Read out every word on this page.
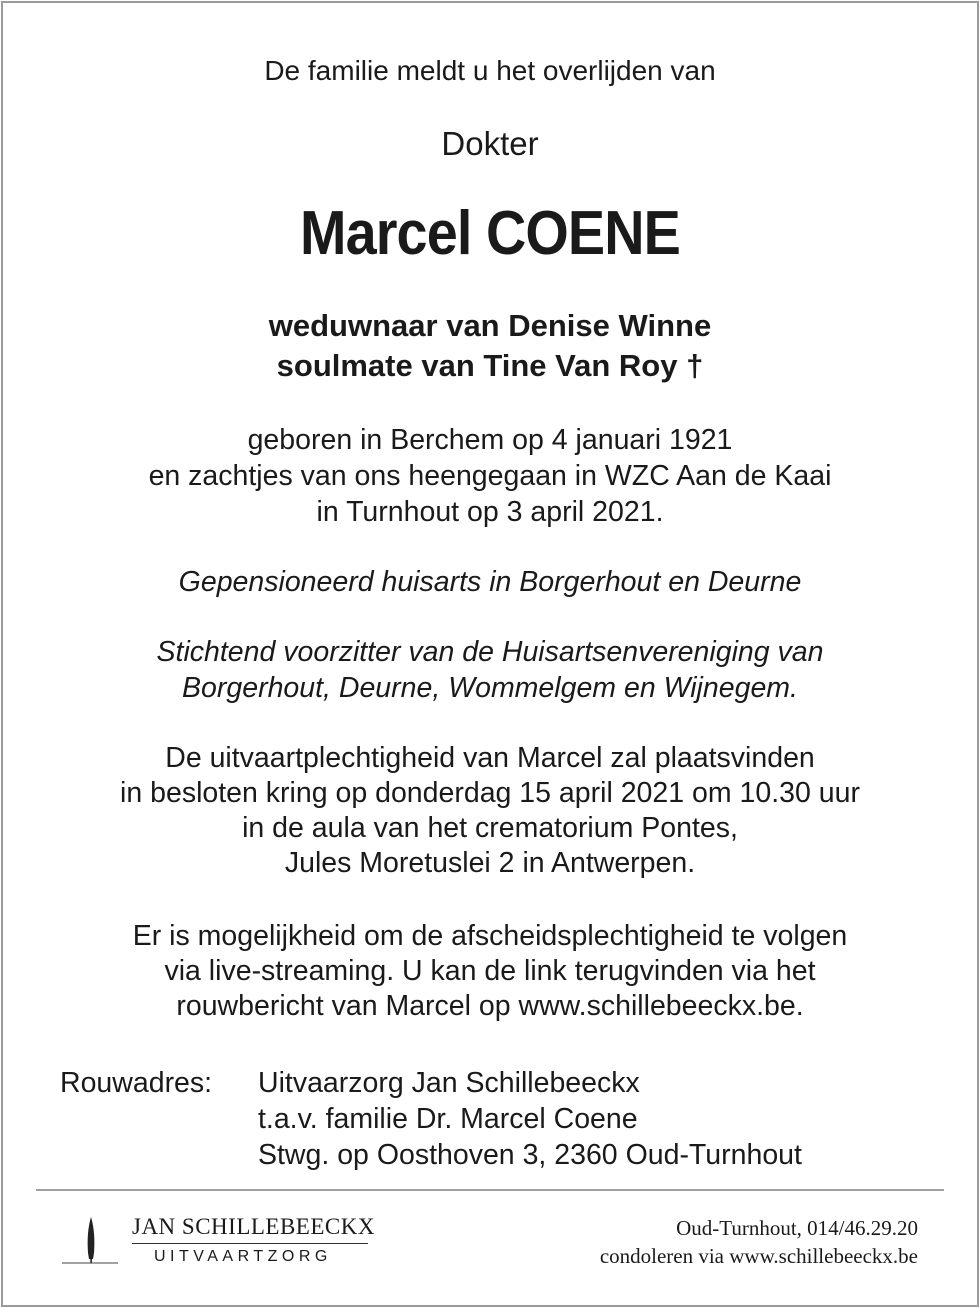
De familie meldt u het overlijden van
Dokter
Marcel COENE
weduwnaar van Denise Winne
soulmate van Tine Van Roy †
geboren in Berchem op 4 januari 1921
en zachtjes van ons heengegaan in WZC Aan de Kaai
in Turnhout op 3 april 2021.
Gepensioneerd huisarts in Borgerhout en Deurne
Stichtend voorzitter van de Huisartsenvereniging van
Borgerhout, Deurne, Wommelgem en Wijnegem.
De uitvaartplechtigheid van Marcel zal plaatsvinden
in besloten kring op donderdag 15 april 2021 om 10.30 uur
in de aula van het crematorium Pontes,
Jules Moretuslei 2 in Antwerpen.
Er is mogelijkheid om de afscheidsplechtigheid te volgen
via live-streaming. U kan de link terugvinden via het
rouwbericht van Marcel op www.schillebeeckx.be.
Rouwadres: Uitvaarzorg Jan Schillebeeckx
t.a.v. familie Dr. Marcel Coene
Stwg. op Oosthoven 3, 2360 Oud-Turnhout
JAN SCHILLEBEECKX
UITVAARTZORG
Oud-Turnhout, 014/46.29.20
condoleren via www.schillebeeckx.be
